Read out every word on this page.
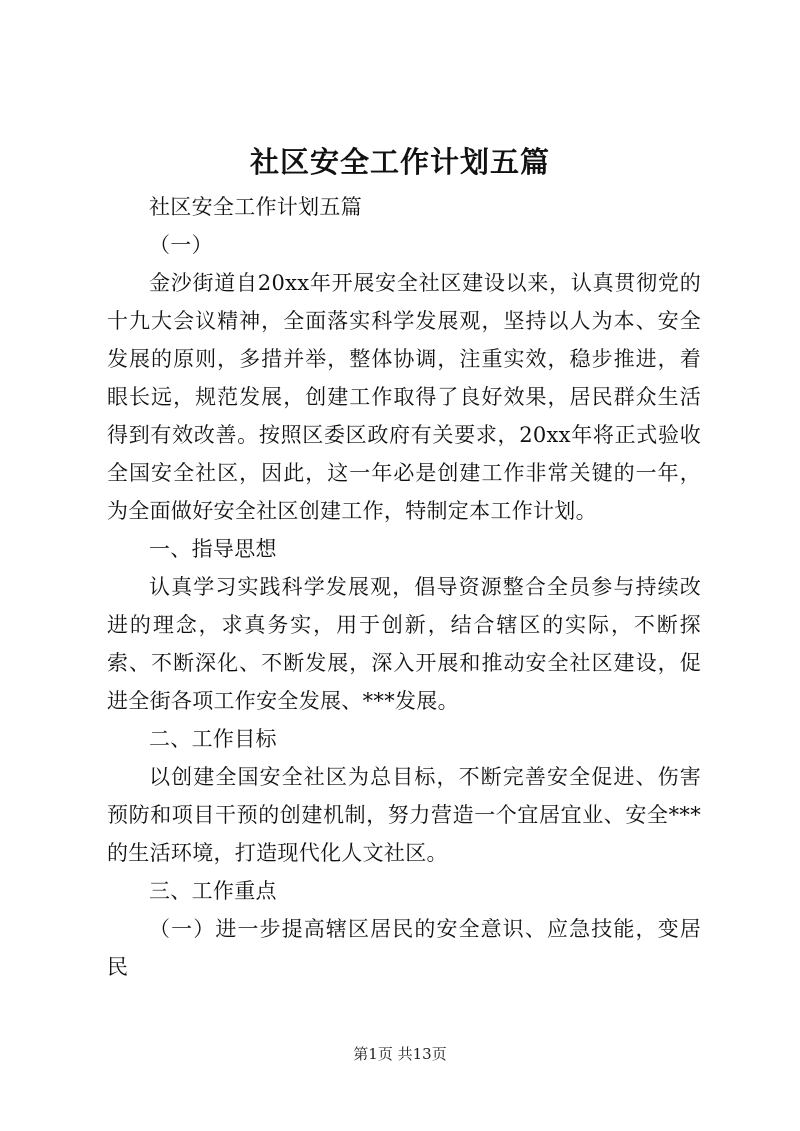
社区安全工作计划五篇

社区安全工作计划五篇

（一）

金沙街道自20xx年开展安全社区建设以来，认真贯彻党的十九大会议精神，全面落实科学发展观，坚持以人为本、安全发展的原则，多措并举，整体协调，注重实效，稳步推进，着眼长远，规范发展，创建工作取得了良好效果，居民群众生活得到有效改善。按照区委区政府有关要求，20xx年将正式验收全国安全社区，因此，这一年必是创建工作非常关键的一年，为全面做好安全社区创建工作，特制定本工作计划。

一、指导思想

认真学习实践科学发展观，倡导资源整合全员参与持续改进的理念，求真务实，用于创新，结合辖区的实际，不断探索、不断深化、不断发展，深入开展和推动安全社区建设，促进全街各项工作安全发展、***发展。

二、工作目标

以创建全国安全社区为总目标，不断完善安全促进、伤害预防和项目干预的创建机制，努力营造一个宜居宜业、安全***的生活环境，打造现代化人文社区。

三、工作重点

（一）进一步提高辖区居民的安全意识、应急技能，变居民

第1页 共13页
